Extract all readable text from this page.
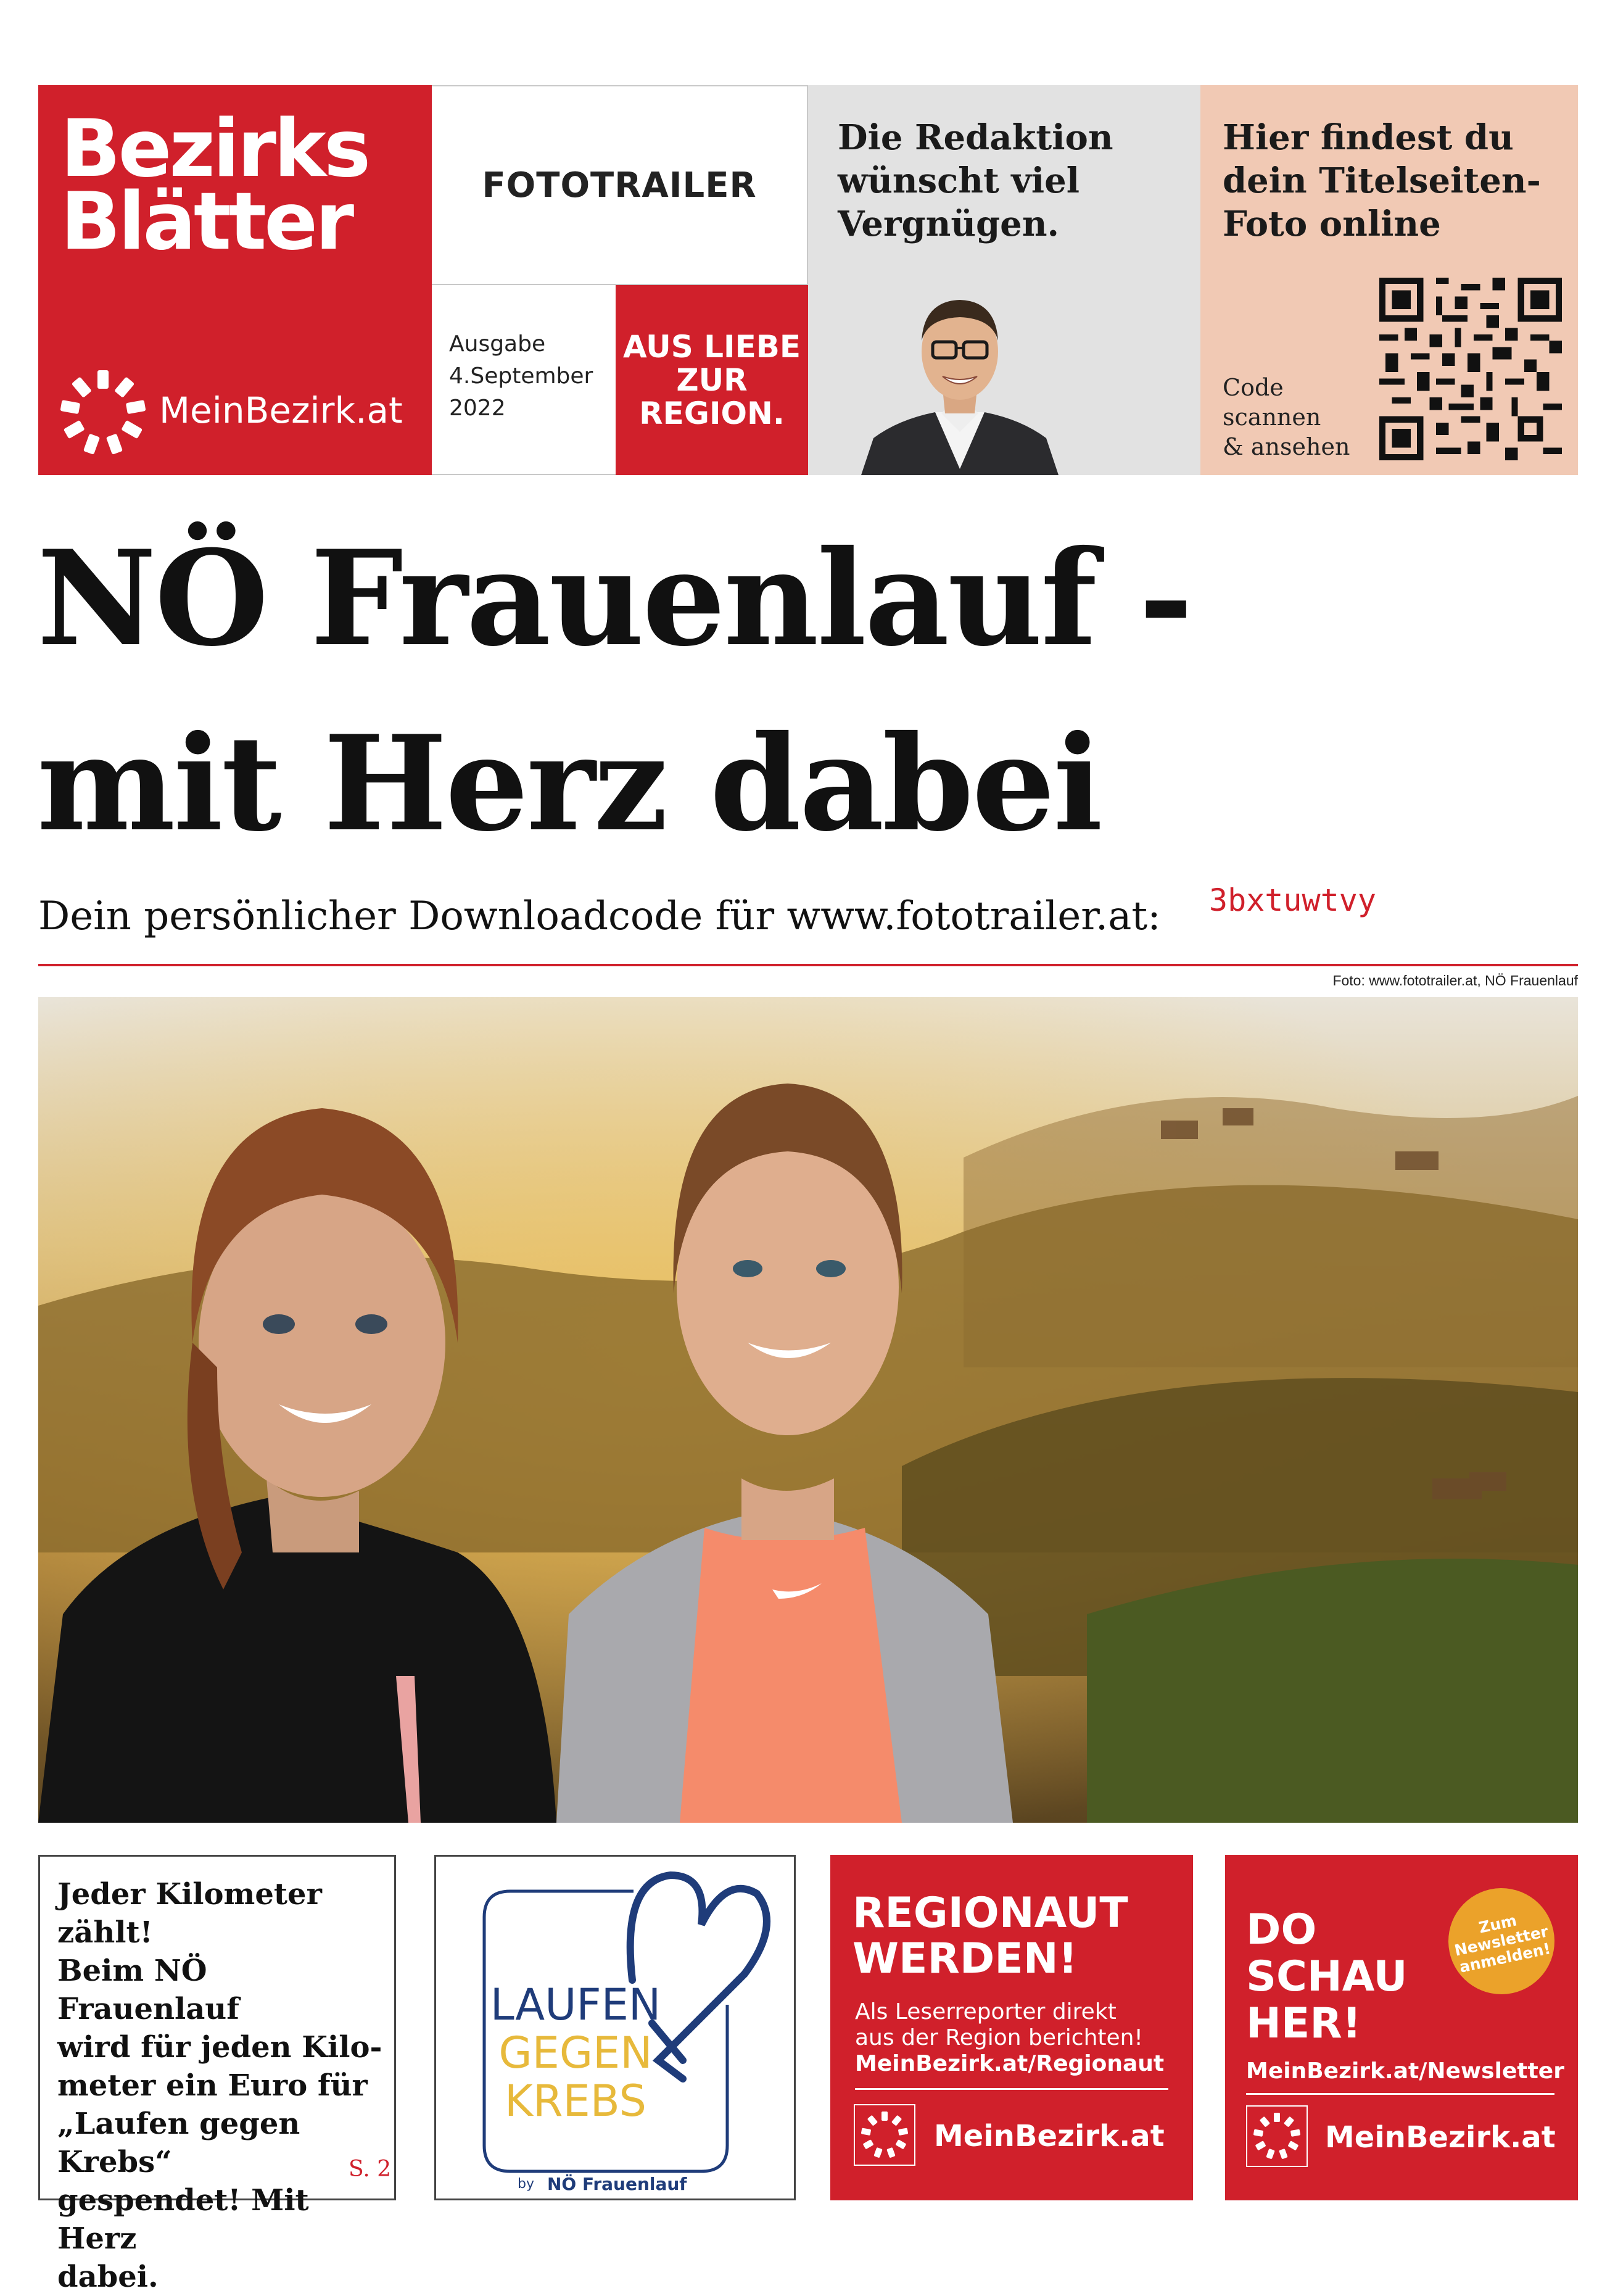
Bezirks
Blätter
MeinBezirk.at
FOTOTRAILER
Ausgabe
4.September
2022
AUS LIEBE
ZUR
REGION.
Die Redaktion
wünscht viel
Vergnügen.
Hier findest du
dein Titelseiten-
Foto online
Code
scannen
& ansehen
NÖ Frauenlauf -
mit Herz dabei
Dein persönlicher Downloadcode für www.fototrailer.at: 3bxtuwtvy
Foto: www.fototrailer.at, NÖ Frauenlauf
Jeder Kilometer zählt!
Beim NÖ Frauenlauf
wird für jeden Kilo-
meter ein Euro für
„Laufen gegen Krebs“
gespendet! Mit Herz
dabei.
S. 2
LAUFEN
GEGEN
KREBS
by NÖ Frauenlauf
REGIONAUT
WERDEN!
Als Leserreporter direkt
aus der Region berichten!
MeinBezirk.at/Regionaut
MeinBezirk.at
DO
SCHAU
HER!
Zum
Newsletter
anmelden!
MeinBezirk.at/Newsletter
MeinBezirk.at
